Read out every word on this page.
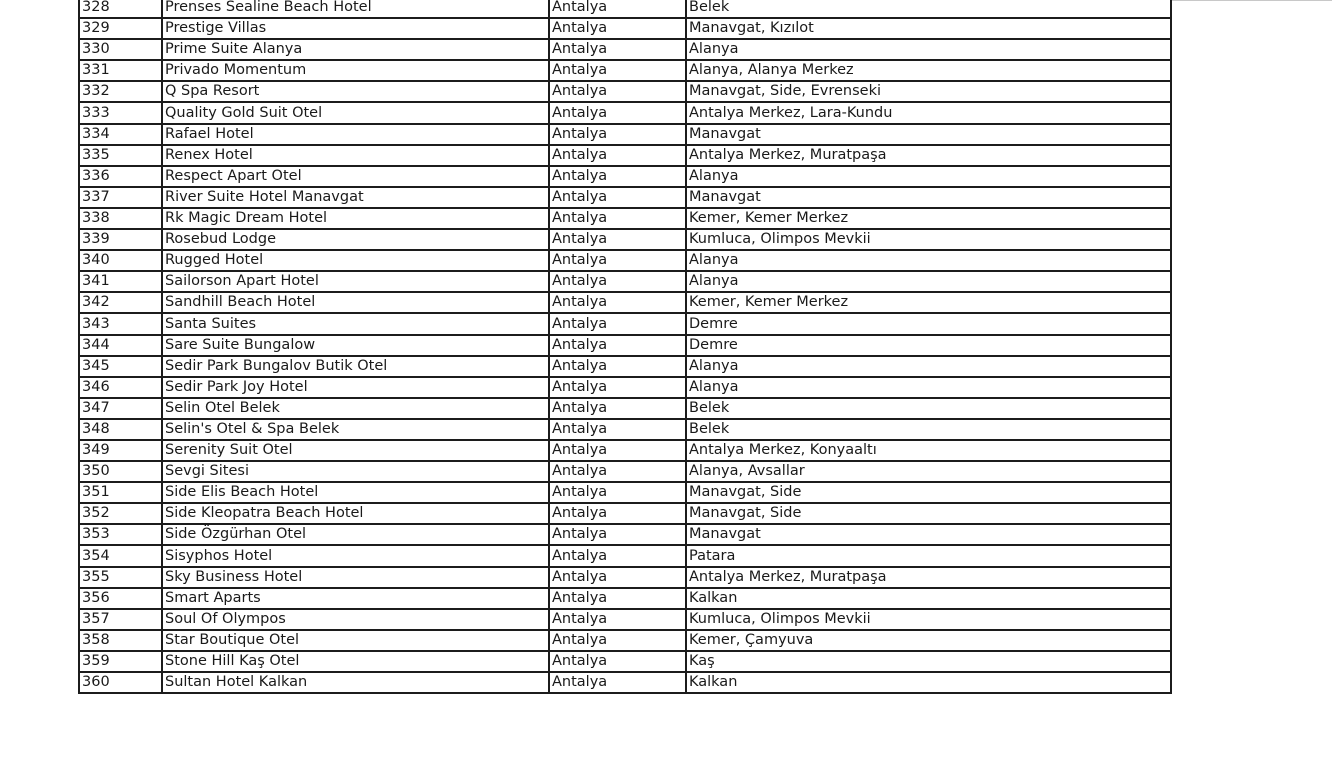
328	Prenses Sealine Beach Hotel	Antalya	Belek
329	Prestige Villas	Antalya	Manavgat, Kızılot
330	Prime Suite Alanya	Antalya	Alanya
331	Privado Momentum	Antalya	Alanya, Alanya Merkez
332	Q Spa Resort	Antalya	Manavgat, Side, Evrenseki
333	Quality Gold Suit Otel	Antalya	Antalya Merkez, Lara-Kundu
334	Rafael Hotel	Antalya	Manavgat
335	Renex Hotel	Antalya	Antalya Merkez, Muratpaşa
336	Respect Apart Otel	Antalya	Alanya
337	River Suite Hotel Manavgat	Antalya	Manavgat
338	Rk Magic Dream Hotel	Antalya	Kemer, Kemer Merkez
339	Rosebud Lodge	Antalya	Kumluca, Olimpos Mevkii
340	Rugged Hotel	Antalya	Alanya
341	Sailorson Apart Hotel	Antalya	Alanya
342	Sandhill Beach Hotel	Antalya	Kemer, Kemer Merkez
343	Santa Suites	Antalya	Demre
344	Sare Suite Bungalow	Antalya	Demre
345	Sedir Park Bungalov Butik Otel	Antalya	Alanya
346	Sedir Park Joy Hotel	Antalya	Alanya
347	Selin Otel Belek	Antalya	Belek
348	Selin's Otel & Spa Belek	Antalya	Belek
349	Serenity Suit Otel	Antalya	Antalya Merkez, Konyaaltı
350	Sevgi Sitesi	Antalya	Alanya, Avsallar
351	Side Elis Beach Hotel	Antalya	Manavgat, Side
352	Side Kleopatra Beach Hotel	Antalya	Manavgat, Side
353	Side Özgürhan Otel	Antalya	Manavgat
354	Sisyphos Hotel	Antalya	Patara
355	Sky Business Hotel	Antalya	Antalya Merkez, Muratpaşa
356	Smart Aparts	Antalya	Kalkan
357	Soul Of Olympos	Antalya	Kumluca, Olimpos Mevkii
358	Star Boutique Otel	Antalya	Kemer, Çamyuva
359	Stone Hill Kaş Otel	Antalya	Kaş
360	Sultan Hotel Kalkan	Antalya	Kalkan
